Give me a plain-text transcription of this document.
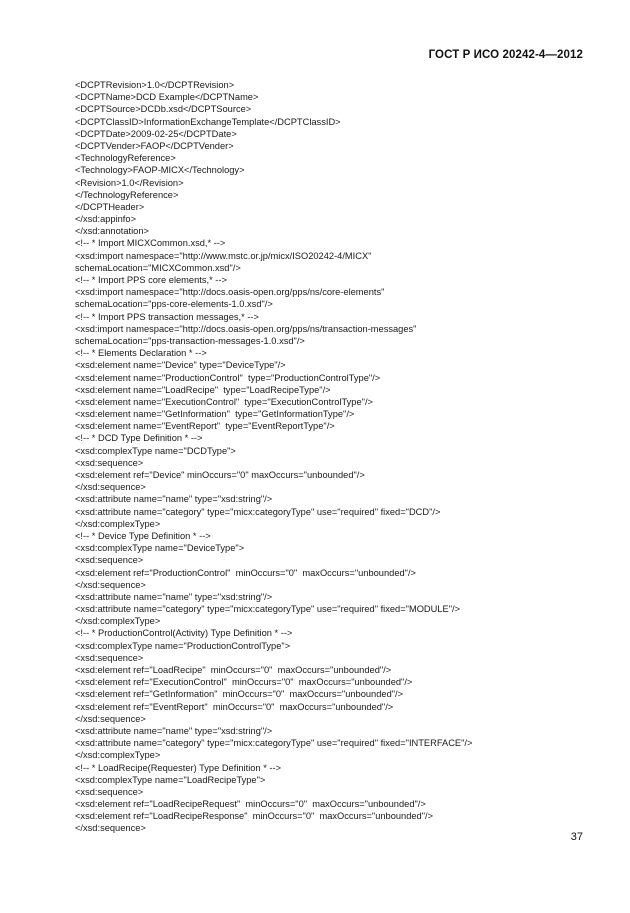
ГОСТ Р ИСО 20242-4—2012
<DCPTRevision>1.0</DCPTRevision>
<DCPTName>DCD Example</DCPTName>
<DCPTSource>DCDb.xsd</DCPTSource>
<DCPTClassID>InformationExchangeTemplate</DCPTClassID>
<DCPTDate>2009-02-25</DCPTDate>
<DCPTVender>FAOP</DCPTVender>
<TechnologyReference>
<Technology>FAOP-MICX</Technology>
<Revision>1.0</Revision>
</TechnologyReference>
</DCPTHeader>
</xsd:appinfo>
</xsd:annotation>
<!-- * Import MICXCommon.xsd,* -->
<xsd:import namespace="http://www.mstc.or.jp/micx/ISO20242-4/MICX"
schemaLocation="MICXCommon.xsd"/>
<!-- * Import PPS core elements,* -->
<xsd:import namespace="http://docs.oasis-open.org/pps/ns/core-elements"
schemaLocation="pps-core-elements-1.0.xsd"/>
<!-- * Import PPS transaction messages,* -->
<xsd:import namespace="http://docs.oasis-open.org/pps/ns/transaction-messages"
schemaLocation="pps-transaction-messages-1.0.xsd"/>
<!-- * Elements Declaration * -->
<xsd:element name="Device" type="DeviceType"/>
<xsd:element name="ProductionControl"  type="ProductionControlType"/>
<xsd:element name="LoadRecipe"  type="LoadRecipeType"/>
<xsd:element name="ExecutionControl"  type="ExecutionControlType"/>
<xsd:element name="GetInformation"  type="GetInformationType"/>
<xsd:element name="EventReport"  type="EventReportType"/>
<!-- * DCD Type Definition * -->
<xsd:complexType name="DCDType">
<xsd:sequence>
<xsd:element ref="Device" minOccurs="0" maxOccurs="unbounded"/>
</xsd:sequence>
<xsd:attribute name="name" type="xsd:string"/>
<xsd:attribute name="category" type="micx:categoryType" use="required" fixed="DCD"/>
</xsd:complexType>
<!-- * Device Type Definition * -->
<xsd:complexType name="DeviceType">
<xsd:sequence>
<xsd:element ref="ProductionControl"  minOccurs="0"  maxOccurs="unbounded"/>
</xsd:sequence>
<xsd:attribute name="name" type="xsd:string"/>
<xsd:attribute name="category" type="micx:categoryType" use="required" fixed="MODULE"/>
</xsd:complexType>
<!-- * ProductionControl(Activity) Type Definition * -->
<xsd:complexType name="ProductionControlType">
<xsd:sequence>
<xsd:element ref="LoadRecipe"  minOccurs="0"  maxOccurs="unbounded"/>
<xsd:element ref="ExecutionControl"  minOccurs="0"  maxOccurs="unbounded"/>
<xsd:element ref="GetInformation"  minOccurs="0"  maxOccurs="unbounded"/>
<xsd:element ref="EventReport"  minOccurs="0"  maxOccurs="unbounded"/>
</xsd:sequence>
<xsd:attribute name="name" type="xsd:string"/>
<xsd:attribute name="category" type="micx:categoryType" use="required" fixed="INTERFACE"/>
</xsd:complexType>
<!-- * LoadRecipe(Requester) Type Definition * -->
<xsd:complexType name="LoadRecipeType">
<xsd:sequence>
<xsd:element ref="LoadRecipeRequest"  minOccurs="0"  maxOccurs="unbounded"/>
<xsd:element ref="LoadRecipeResponse"  minOccurs="0"  maxOccurs="unbounded"/>
</xsd:sequence>
37
